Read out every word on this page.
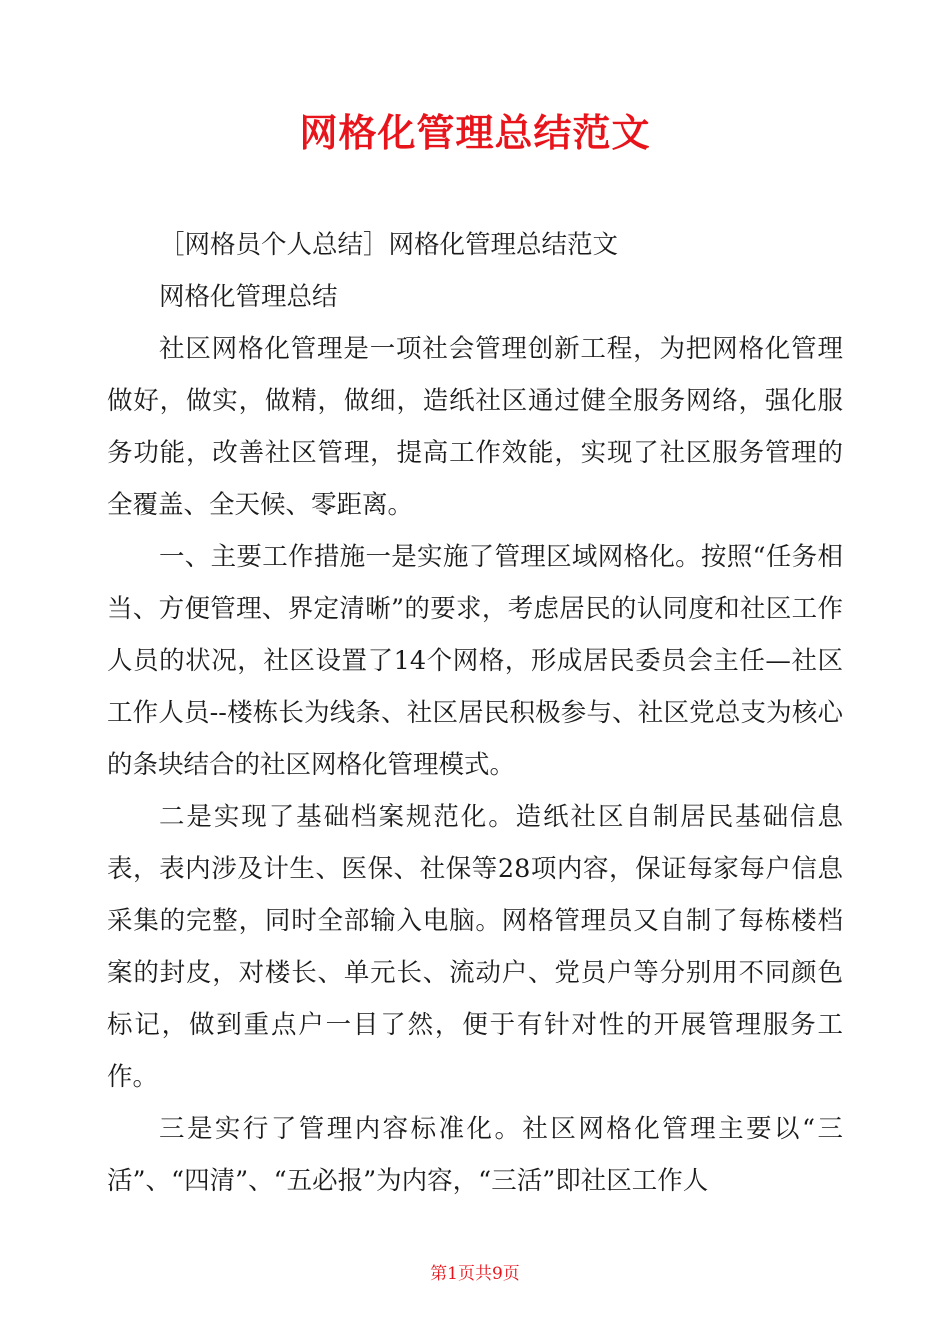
网格化管理总结范文

［网格员个人总结］网格化管理总结范文

网格化管理总结

社区网格化管理是一项社会管理创新工程，为把网格化管理做好，做实，做精，做细，造纸社区通过健全服务网络，强化服务功能，改善社区管理，提高工作效能，实现了社区服务管理的全覆盖、全天候、零距离。

一、主要工作措施一是实施了管理区域网格化。按照“任务相当、方便管理、界定清晰”的要求，考虑居民的认同度和社区工作人员的状况，社区设置了14个网格，形成居民委员会主任—社区工作人员--楼栋长为线条、社区居民积极参与、社区党总支为核心的条块结合的社区网格化管理模式。

二是实现了基础档案规范化。造纸社区自制居民基础信息表，表内涉及计生、医保、社保等28项内容，保证每家每户信息采集的完整，同时全部输入电脑。网格管理员又自制了每栋楼档案的封皮，对楼长、单元长、流动户、党员户等分别用不同颜色标记，做到重点户一目了然，便于有针对性的开展管理服务工作。

三是实行了管理内容标准化。社区网格化管理主要以“三活”、“四清”、“五必报”为内容，“三活”即社区工作人

第1页共9页
